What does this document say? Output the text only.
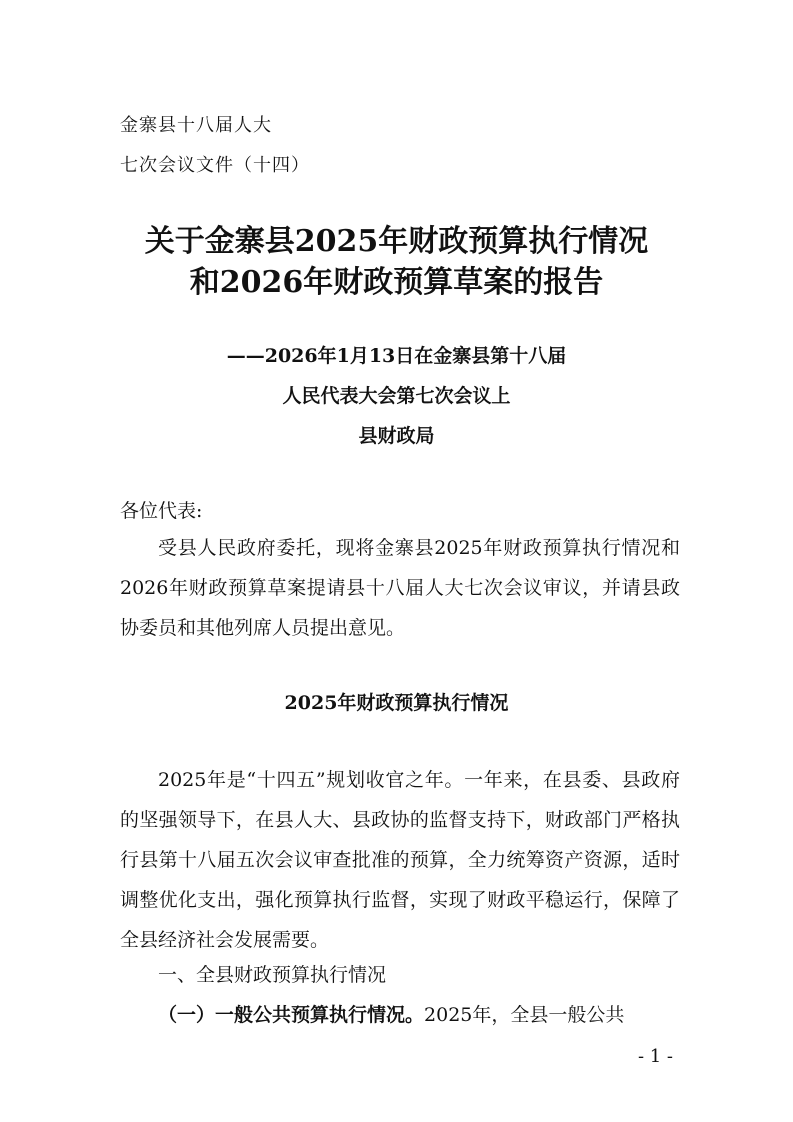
金寨县十八届人大
七次会议文件（十四）
关于金寨县2025年财政预算执行情况
和2026年财政预算草案的报告
——2026年1月13日在金寨县第十八届
人民代表大会第七次会议上
县财政局
各位代表:
受县人民政府委托，现将金寨县2025年财政预算执行情况和2026年财政预算草案提请县十八届人大七次会议审议，并请县政协委员和其他列席人员提出意见。
2025年财政预算执行情况
2025年是“十四五”规划收官之年。一年来，在县委、县政府的坚强领导下，在县人大、县政协的监督支持下，财政部门严格执行县第十八届五次会议审查批准的预算，全力统筹资产资源，适时调整优化支出，强化预算执行监督，实现了财政平稳运行，保障了全县经济社会发展需要。
一、全县财政预算执行情况
（一）一般公共预算执行情况。2025年，全县一般公共
- 1 -
